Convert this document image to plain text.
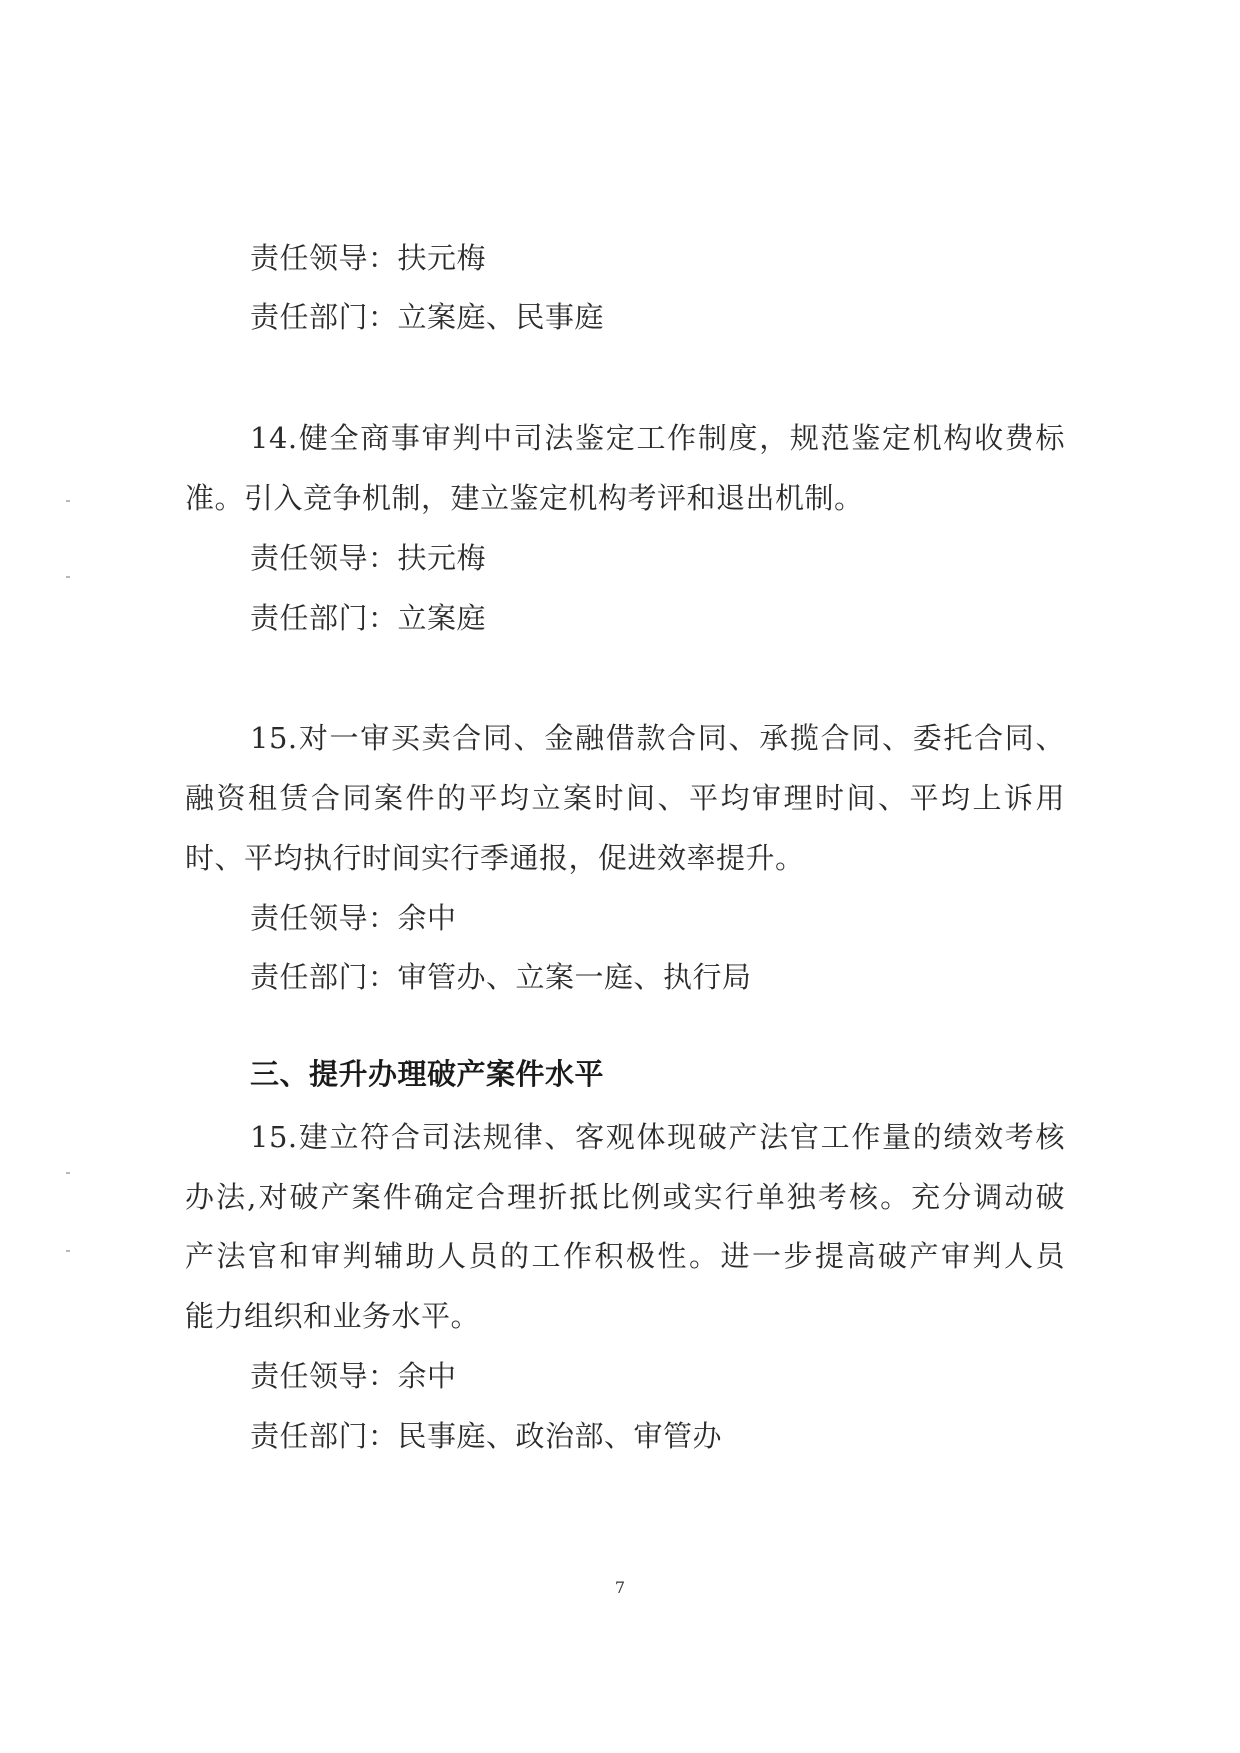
责任领导：扶元梅

责任部门：立案庭、民事庭

14.健全商事审判中司法鉴定工作制度，规范鉴定机构收费标

准。引入竞争机制，建立鉴定机构考评和退出机制。

责任领导：扶元梅

责任部门：立案庭

15.对一审买卖合同、金融借款合同、承揽合同、委托合同、

融资租赁合同案件的平均立案时间、平均审理时间、平均上诉用

时、平均执行时间实行季通报，促进效率提升。

责任领导：余中

责任部门：审管办、立案一庭、执行局

三、提升办理破产案件水平

15.建立符合司法规律、客观体现破产法官工作量的绩效考核

办法,对破产案件确定合理折抵比例或实行单独考核。充分调动破

产法官和审判辅助人员的工作积极性。进一步提高破产审判人员

能力组织和业务水平。

责任领导：余中

责任部门：民事庭、政治部、审管办

7
